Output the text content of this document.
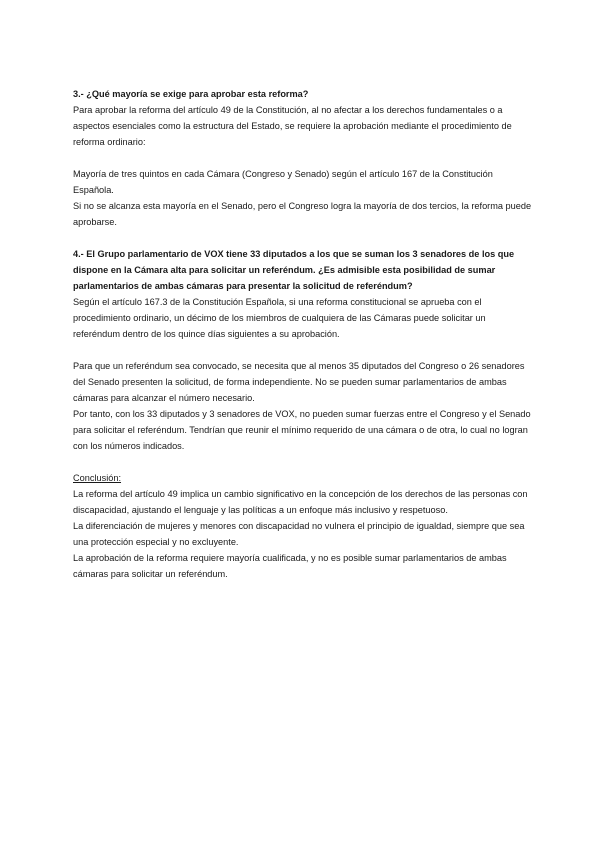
3.- ¿Qué mayoría se exige para aprobar esta reforma?

Para aprobar la reforma del artículo 49 de la Constitución, al no afectar a los derechos fundamentales o a aspectos esenciales como la estructura del Estado, se requiere la aprobación mediante el procedimiento de reforma ordinario:

Mayoría de tres quintos en cada Cámara (Congreso y Senado) según el artículo 167 de la Constitución Española.

Si no se alcanza esta mayoría en el Senado, pero el Congreso logra la mayoría de dos tercios, la reforma puede aprobarse.

4.- El Grupo parlamentario de VOX tiene 33 diputados a los que se suman los 3 senadores de los que dispone en la Cámara alta para solicitar un referéndum. ¿Es admisible esta posibilidad de sumar parlamentarios de ambas cámaras para presentar la solicitud de referéndum?

Según el artículo 167.3 de la Constitución Española, si una reforma constitucional se aprueba con el procedimiento ordinario, un décimo de los miembros de cualquiera de las Cámaras puede solicitar un referéndum dentro de los quince días siguientes a su aprobación.

Para que un referéndum sea convocado, se necesita que al menos 35 diputados del Congreso o 26 senadores del Senado presenten la solicitud, de forma independiente. No se pueden sumar parlamentarios de ambas cámaras para alcanzar el número necesario.

Por tanto, con los 33 diputados y 3 senadores de VOX, no pueden sumar fuerzas entre el Congreso y el Senado para solicitar el referéndum. Tendrían que reunir el mínimo requerido de una cámara o de otra, lo cual no logran con los números indicados.

Conclusión:

La reforma del artículo 49 implica un cambio significativo en la concepción de los derechos de las personas con discapacidad, ajustando el lenguaje y las políticas a un enfoque más inclusivo y respetuoso.

La diferenciación de mujeres y menores con discapacidad no vulnera el principio de igualdad, siempre que sea una protección especial y no excluyente.

La aprobación de la reforma requiere mayoría cualificada, y no es posible sumar parlamentarios de ambas cámaras para solicitar un referéndum.
